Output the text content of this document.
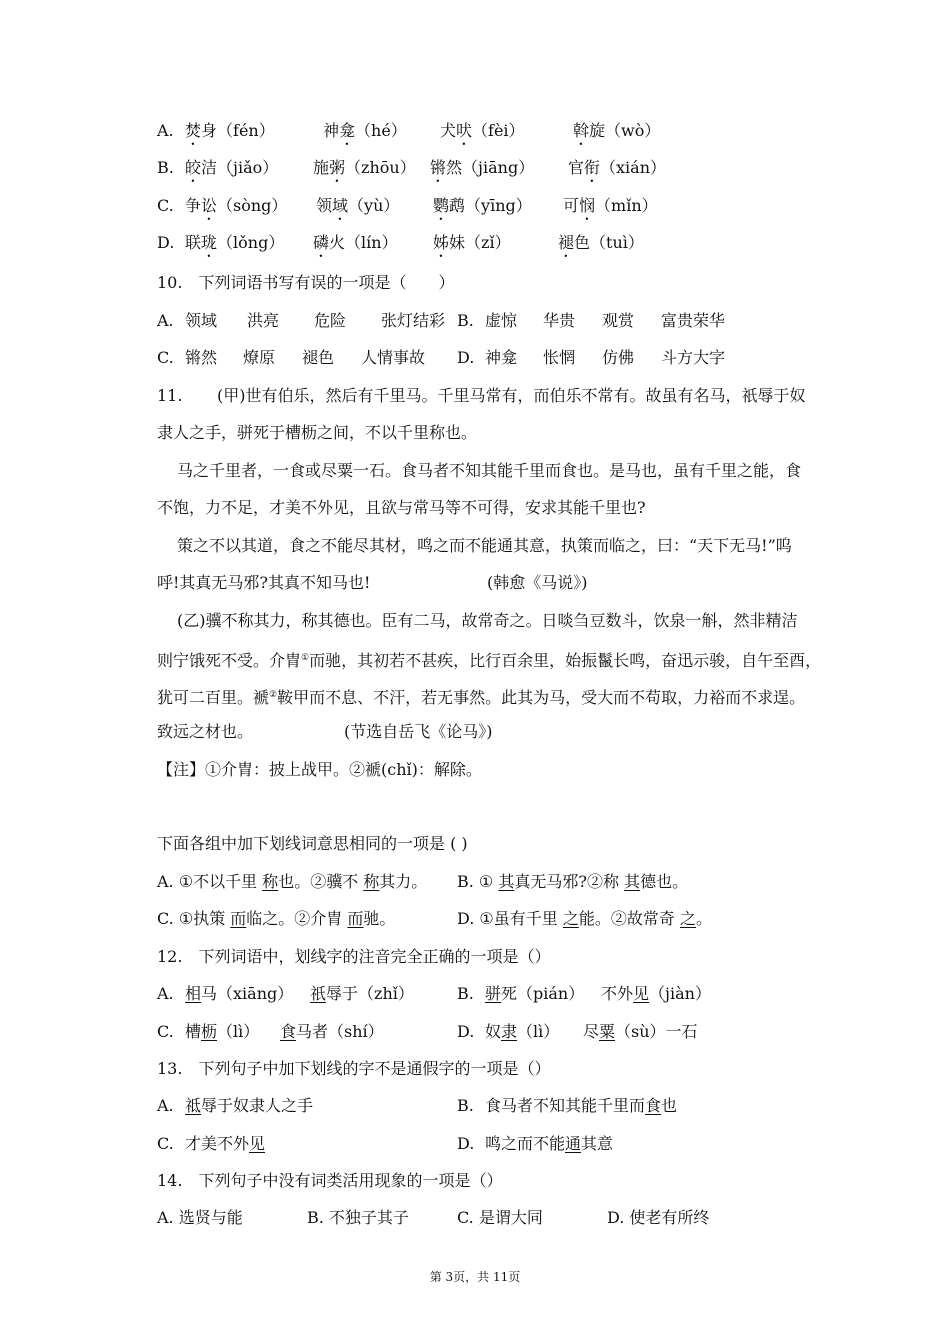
A. 焚身（fén）	神龛（hé） 犬吠（fèi）	斡旋（wò）
B. 皎洁（jiǎo） 施粥（zhōu） 锵然（jiāng） 官衔（xián）
C. 争讼（sòng） 领域（yù） 鹦鹉（yīng） 可悯（mǐn）
D. 联珑（lǒng） 磷火（lín） 姊妹（zǐ）	褪色（tuì）
10.　下列词语书写有误的一项是（　　）
A. 领域 洪亮 危险 张灯结彩 B. 虚惊 华贵 观赏 富贵荣华
C. 锵然 燎原 褪色 人情事故 D. 神龛 怅惘 仿佛 斗方大字
11. (甲)世有伯乐，然后有千里马。千里马常有，而伯乐不常有。故虽有名马，祇辱于奴
隶人之手，骈死于槽枥之间，不以千里称也。
马之千里者，一食或尽粟一石。食马者不知其能千里而食也。是马也，虽有千里之能，食
不饱，力不足，才美不外见，且欲与常马等不可得，安求其能千里也?
策之不以其道，食之不能尽其材，鸣之而不能通其意，执策而临之，曰：“天下无马!”呜
呼!其真无马邪?其真不知马也!	(韩愈《马说》)
(乙)骥不称其力，称其德也。臣有二马，故常奇之。日啖刍豆数斗，饮泉一斛，然非精洁
则宁饿死不受。介胄①而驰，其初若不甚疾，比行百余里，始振鬣长鸣，奋迅示骏，自午至酉，
犹可二百里。褫②鞍甲而不息、不汗，若无事然。此其为马，受大而不苟取，力裕而不求逞。
致远之材也。	(节选自岳飞《论马》)
【注】①介胄：披上战甲。②褫(chǐ)：解除。
下面各组中加下划线词意思相同的一项是 ( )
A. ①不以千里 称也。②骥不 称其力。 B. ① 其真无马邪?②称 其德也。
C. ①执策 而临之。②介胄 而驰。	D. ①虽有千里 之能。②故常奇 之。
12.　下列词语中，划线字的注音完全正确的一项是（）
A. 相马（xiāng） 祇辱于（zhǐ）	B. 骈死（pián） 不外见（jiàn）
C. 槽枥（lì） 食马者（shí）	D. 奴隶（lì） 尽粟（sù）一石
13.　下列句子中加下划线的字不是通假字的一项是（）
A. 祗辱于奴隶人之手	B. 食马者不知其能千里而食也
C. 才美不外见	D. 鸣之而不能通其意
14.　下列句子中没有词类活用现象的一项是（）
A. 选贤与能	B. 不独子其子	C. 是谓大同	D. 使老有所终
第 3页，共 11页
